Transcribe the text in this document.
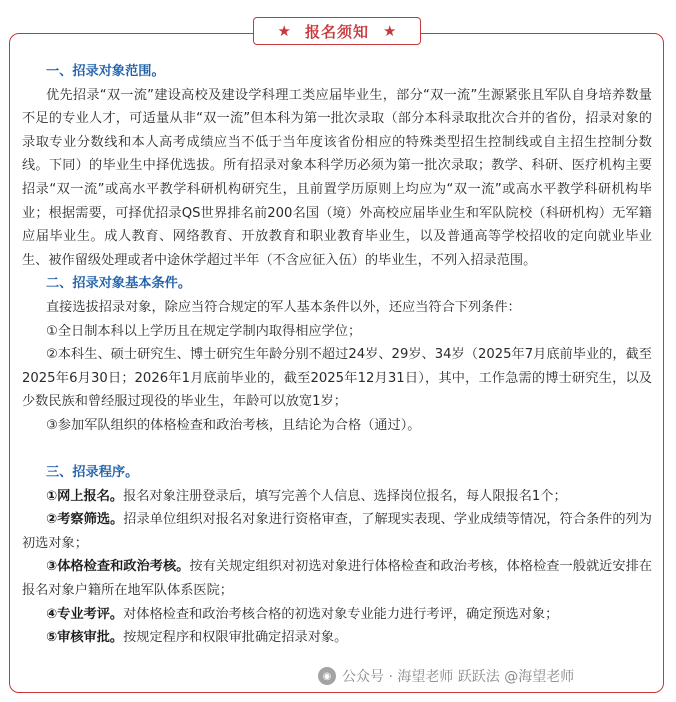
★ 报名须知 ★
一、招录对象范围。
优先招录“双一流”建设高校及建设学科理工类应届毕业生，部分“双一流”生源紧张且军队自身培养数量不足的专业人才，可适量从非“双一流”但本科为第一批次录取（部分本科录取批次合并的省份，招录对象的录取专业分数线和本人高考成绩应当不低于当年度该省份相应的特殊类型招生控制线或自主招生控制分数线。下同）的毕业生中择优选拔。所有招录对象本科学历必须为第一批次录取；教学、科研、医疗机构主要招录“双一流”或高水平教学科研机构研究生，且前置学历原则上均应为“双一流”或高水平教学科研机构毕业；根据需要，可择优招录QS世界排名前200名国（境）外高校应届毕业生和军队院校（科研机构）无军籍应届毕业生。成人教育、网络教育、开放教育和职业教育毕业生，以及普通高等学校招收的定向就业毕业生、被作留级处理或者中途休学超过半年（不含应征入伍）的毕业生，不列入招录范围。
二、招录对象基本条件。
直接选拔招录对象，除应当符合规定的军人基本条件以外，还应当符合下列条件：
①全日制本科以上学历且在规定学制内取得相应学位；
②本科生、硕士研究生、博士研究生年龄分别不超过24岁、29岁、34岁（2025年7月底前毕业的，截至2025年6月30日；2026年1月底前毕业的，截至2025年12月31日），其中，工作急需的博士研究生，以及少数民族和曾经服过现役的毕业生，年龄可以放宽1岁；
③参加军队组织的体格检查和政治考核，且结论为合格（通过）。
三、招录程序。
①网上报名。报名对象注册登录后，填写完善个人信息、选择岗位报名，每人限报名1个；
②考察筛选。招录单位组织对报名对象进行资格审查，了解现实表现、学业成绩等情况，符合条件的列为初选对象；
③体格检查和政治考核。按有关规定组织对初选对象进行体格检查和政治考核，体格检查一般就近安排在报名对象户籍所在地军队体系医院；
④专业考评。对体格检查和政治考核合格的初选对象专业能力进行考评，确定预选对象；
⑤审核审批。按规定程序和权限审批确定招录对象。
◉ 公众号 · 海望老师 跃跃法 @海望老师
